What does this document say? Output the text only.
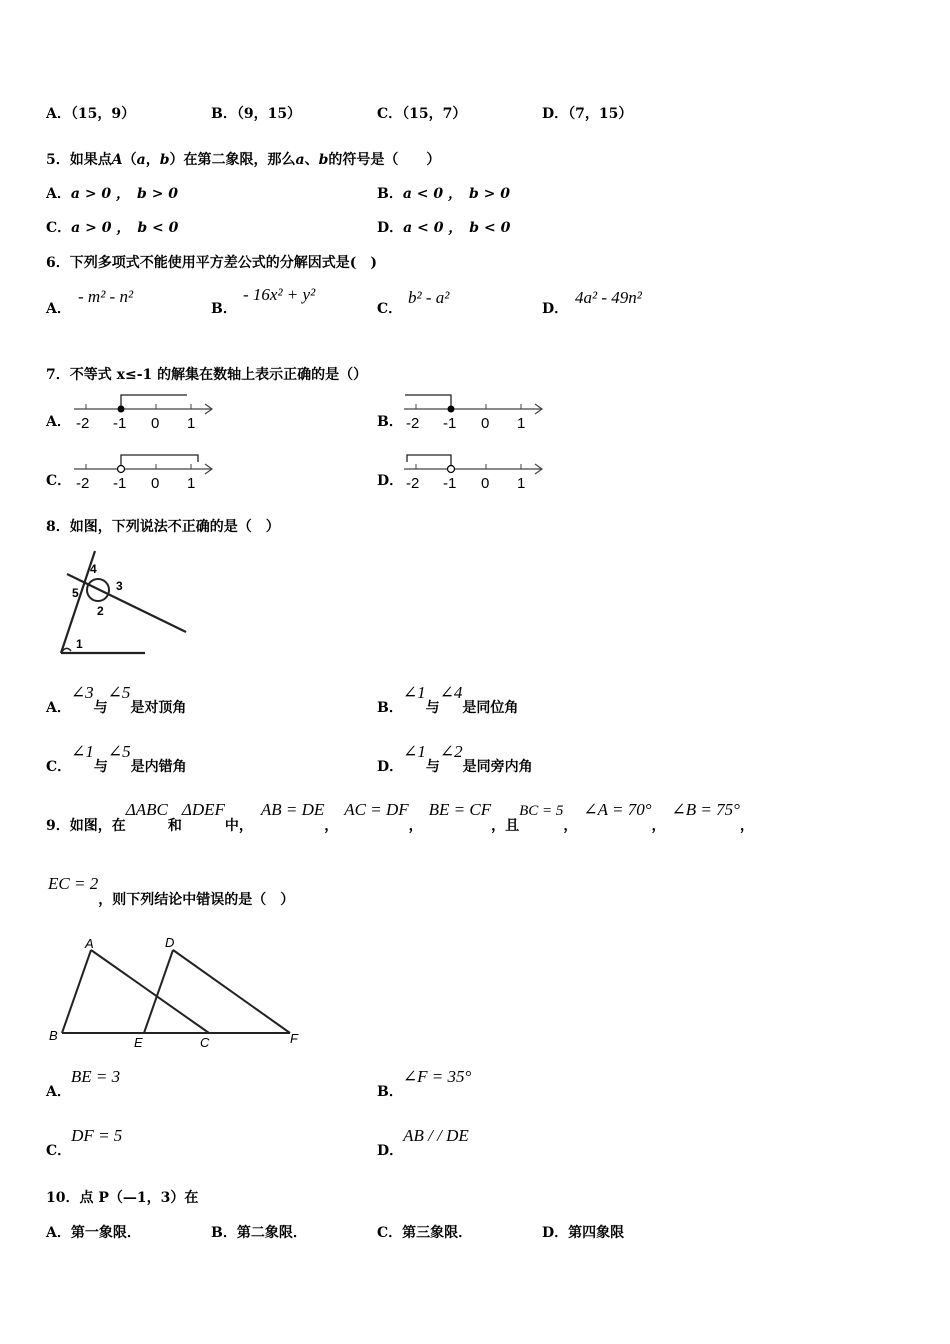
A．（15，9）	B．（9，15）	C．（15，7）	D．（7，15）
5．如果点A（a，b）在第二象限，那么a、b的符号是（　　）
A．a > 0 ，　b > 0	B．a < 0 ，　b > 0
C．a > 0 ，　b < 0	D．a < 0 ，　b < 0
6．下列多项式不能使用平方差公式的分解因式是(　)
A．
- m² - n²
B．
- 16x² + y²
C．
b² - a²
D．
4a² - 49n²
7．不等式 x≤-1 的解集在数轴上表示正确的是（）
A． -2 -1 0 1	B． -2 -1 0 1
C． -2 -1 0 1	D． -2 -1 0 1
8．如图，下列说法不正确的是（　）
4
3
5
2
1
A．∠3与∠5是对顶角	B．∠1与∠4是同位角
C．∠1与∠5是内错角	D．∠1与∠2是同旁内角
9．如图，在ΔABC和ΔDEF中，AB = DE，AC = DF，BE = CF，且BC = 5，∠A = 70°，∠B = 75°，
EC = 2，则下列结论中错误的是（　）
A	D
B	E	C	F
A．BE = 3
B．∠F = 35°
C．DF = 5
D．AB / / DE
10．点 P（—1，3）在
A．第一象限．	B．第二象限．	C．第三象限．	D．第四象限
